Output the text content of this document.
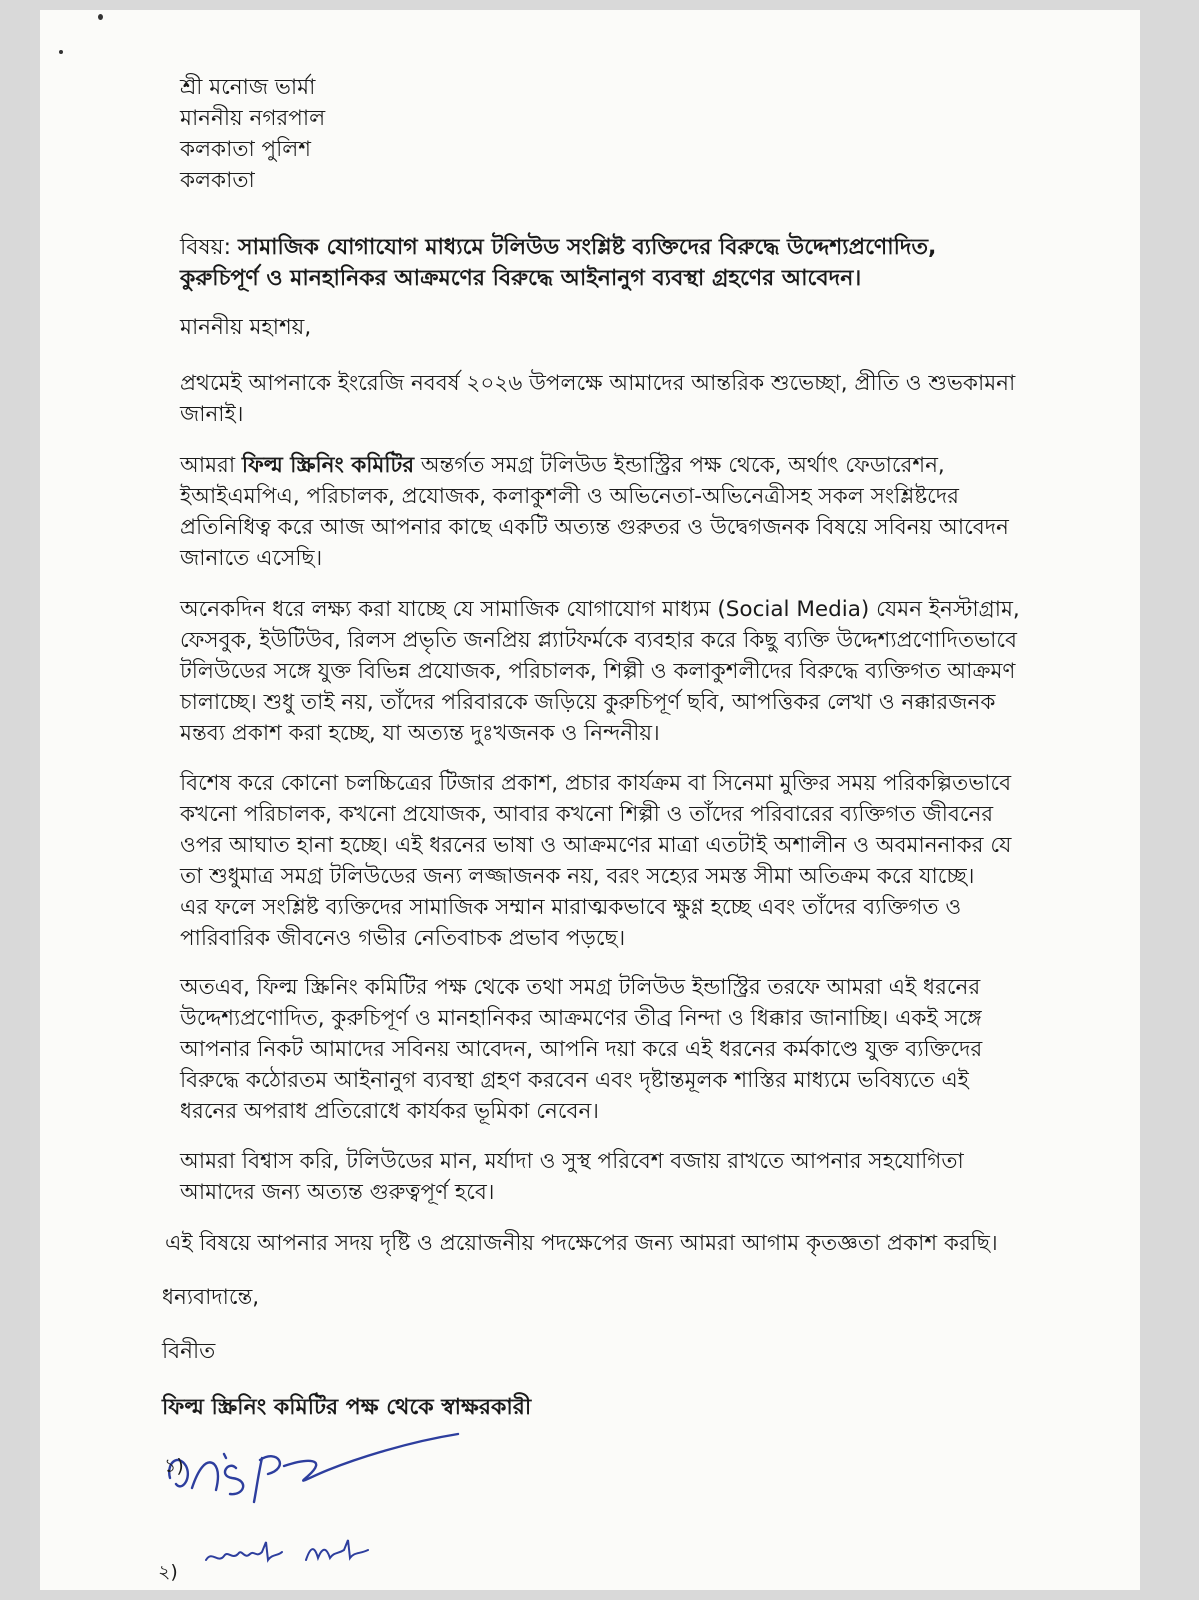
শ্রী মনোজ ভার্মা
মাননীয় নগরপাল
কলকাতা পুলিশ
কলকাতা
বিষয়: সামাজিক যোগাযোগ মাধ্যমে টলিউড সংশ্লিষ্ট ব্যক্তিদের বিরুদ্ধে উদ্দেশ্যপ্রণোদিত,
কুরুচিপূর্ণ ও মানহানিকর আক্রমণের বিরুদ্ধে আইনানুগ ব্যবস্থা গ্রহণের আবেদন।
মাননীয় মহাশয়,
প্রথমেই আপনাকে ইংরেজি নববর্ষ ২০২৬ উপলক্ষে আমাদের আন্তরিক শুভেচ্ছা, প্রীতি ও শুভকামনা
জানাই।
আমরা ফিল্ম স্ক্রিনিং কমিটির অন্তর্গত সমগ্র টলিউড ইন্ডাস্ট্রির পক্ষ থেকে, অর্থাৎ ফেডারেশন,
ইআইএমপিএ, পরিচালক, প্রযোজক, কলাকুশলী ও অভিনেতা-অভিনেত্রীসহ সকল সংশ্লিষ্টদের
প্রতিনিধিত্ব করে আজ আপনার কাছে একটি অত্যন্ত গুরুতর ও উদ্বেগজনক বিষয়ে সবিনয় আবেদন
জানাতে এসেছি।
অনেকদিন ধরে লক্ষ্য করা যাচ্ছে যে সামাজিক যোগাযোগ মাধ্যম (Social Media) যেমন ইনস্টাগ্রাম,
ফেসবুক, ইউটিউব, রিলস প্রভৃতি জনপ্রিয় প্ল্যাটফর্মকে ব্যবহার করে কিছু ব্যক্তি উদ্দেশ্যপ্রণোদিতভাবে
টলিউডের সঙ্গে যুক্ত বিভিন্ন প্রযোজক, পরিচালক, শিল্পী ও কলাকুশলীদের বিরুদ্ধে ব্যক্তিগত আক্রমণ
চালাচ্ছে। শুধু তাই নয়, তাঁদের পরিবারকে জড়িয়ে কুরুচিপূর্ণ ছবি, আপত্তিকর লেখা ও নক্কারজনক
মন্তব্য প্রকাশ করা হচ্ছে, যা অত্যন্ত দুঃখজনক ও নিন্দনীয়।
বিশেষ করে কোনো চলচ্চিত্রের টিজার প্রকাশ, প্রচার কার্যক্রম বা সিনেমা মুক্তির সময় পরিকল্পিতভাবে
কখনো পরিচালক, কখনো প্রযোজক, আবার কখনো শিল্পী ও তাঁদের পরিবারের ব্যক্তিগত জীবনের
ওপর আঘাত হানা হচ্ছে। এই ধরনের ভাষা ও আক্রমণের মাত্রা এতটাই অশালীন ও অবমাননাকর যে
তা শুধুমাত্র সমগ্র টলিউডের জন্য লজ্জাজনক নয়, বরং সহ্যের সমস্ত সীমা অতিক্রম করে যাচ্ছে।
এর ফলে সংশ্লিষ্ট ব্যক্তিদের সামাজিক সম্মান মারাত্মকভাবে ক্ষুণ্ণ হচ্ছে এবং তাঁদের ব্যক্তিগত ও
পারিবারিক জীবনেও গভীর নেতিবাচক প্রভাব পড়ছে।
অতএব, ফিল্ম স্ক্রিনিং কমিটির পক্ষ থেকে তথা সমগ্র টলিউড ইন্ডাস্ট্রির তরফে আমরা এই ধরনের
উদ্দেশ্যপ্রণোদিত, কুরুচিপূর্ণ ও মানহানিকর আক্রমণের তীব্র নিন্দা ও ধিক্কার জানাচ্ছি। একই সঙ্গে
আপনার নিকট আমাদের সবিনয় আবেদন, আপনি দয়া করে এই ধরনের কর্মকাণ্ডে যুক্ত ব্যক্তিদের
বিরুদ্ধে কঠোরতম আইনানুগ ব্যবস্থা গ্রহণ করবেন এবং দৃষ্টান্তমূলক শাস্তির মাধ্যমে ভবিষ্যতে এই
ধরনের অপরাধ প্রতিরোধে কার্যকর ভূমিকা নেবেন।
আমরা বিশ্বাস করি, টলিউডের মান, মর্যাদা ও সুস্থ পরিবেশ বজায় রাখতে আপনার সহযোগিতা
আমাদের জন্য অত্যন্ত গুরুত্বপূর্ণ হবে।
এই বিষয়ে আপনার সদয় দৃষ্টি ও প্রয়োজনীয় পদক্ষেপের জন্য আমরা আগাম কৃতজ্ঞতা প্রকাশ করছি।
ধন্যবাদান্তে,
বিনীত
ফিল্ম স্ক্রিনিং কমিটির পক্ষ থেকে স্বাক্ষরকারী
১)
২)
